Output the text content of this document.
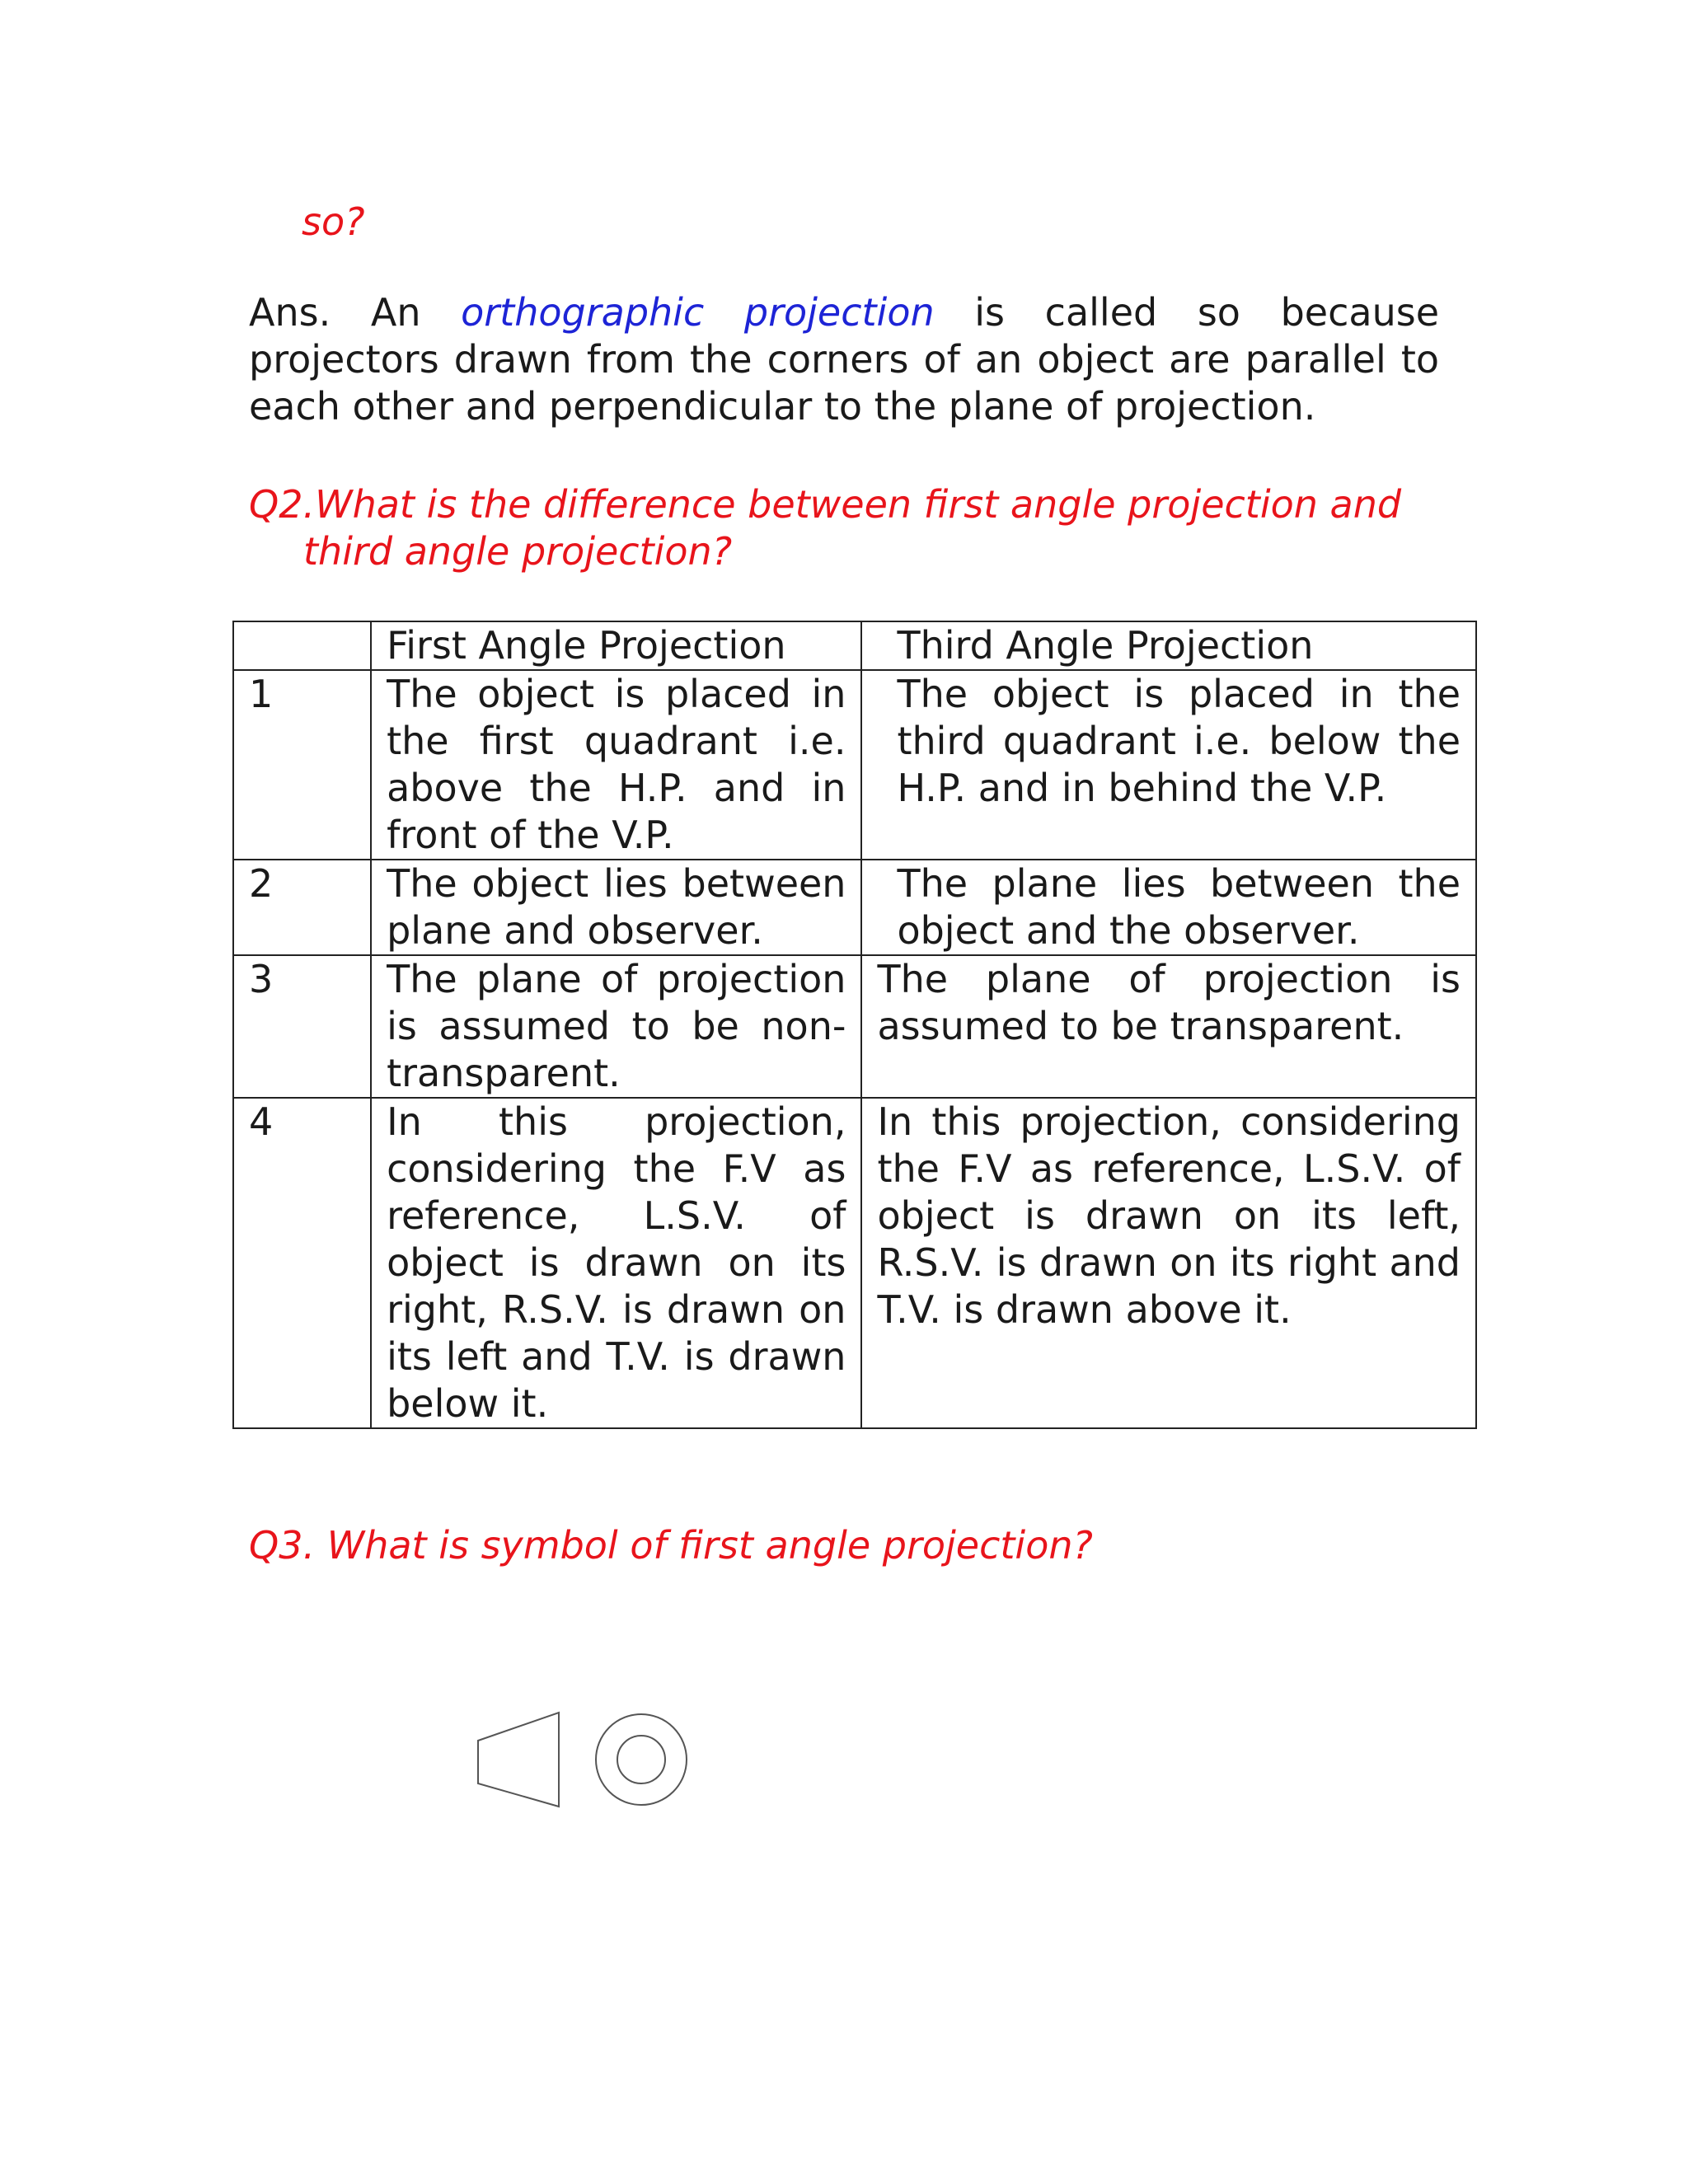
so?

Ans. An orthographic projection is called so because projectors drawn from the corners of an object are parallel to each other and perpendicular to the plane of projection.

Q2.What is the difference between first angle projection and third angle projection?

	First Angle Projection	Third Angle Projection
1	The object is placed in the first quadrant i.e. above the H.P. and in front of the V.P.	The object is placed in the third quadrant i.e. below the H.P. and in behind the V.P.
2	The object lies between plane and observer.	The plane lies between the object and the observer.
3	The plane of projection is assumed to be non-transparent.	The plane of projection is assumed to be transparent.
4	In this projection, considering the F.V as reference, L.S.V. of object is drawn on its right, R.S.V. is drawn on its left and T.V. is drawn below it.	In this projection, considering the F.V as reference, L.S.V. of object is drawn on its left, R.S.V. is drawn on its right and T.V. is drawn above it.
Q3. What is symbol of first angle projection?
